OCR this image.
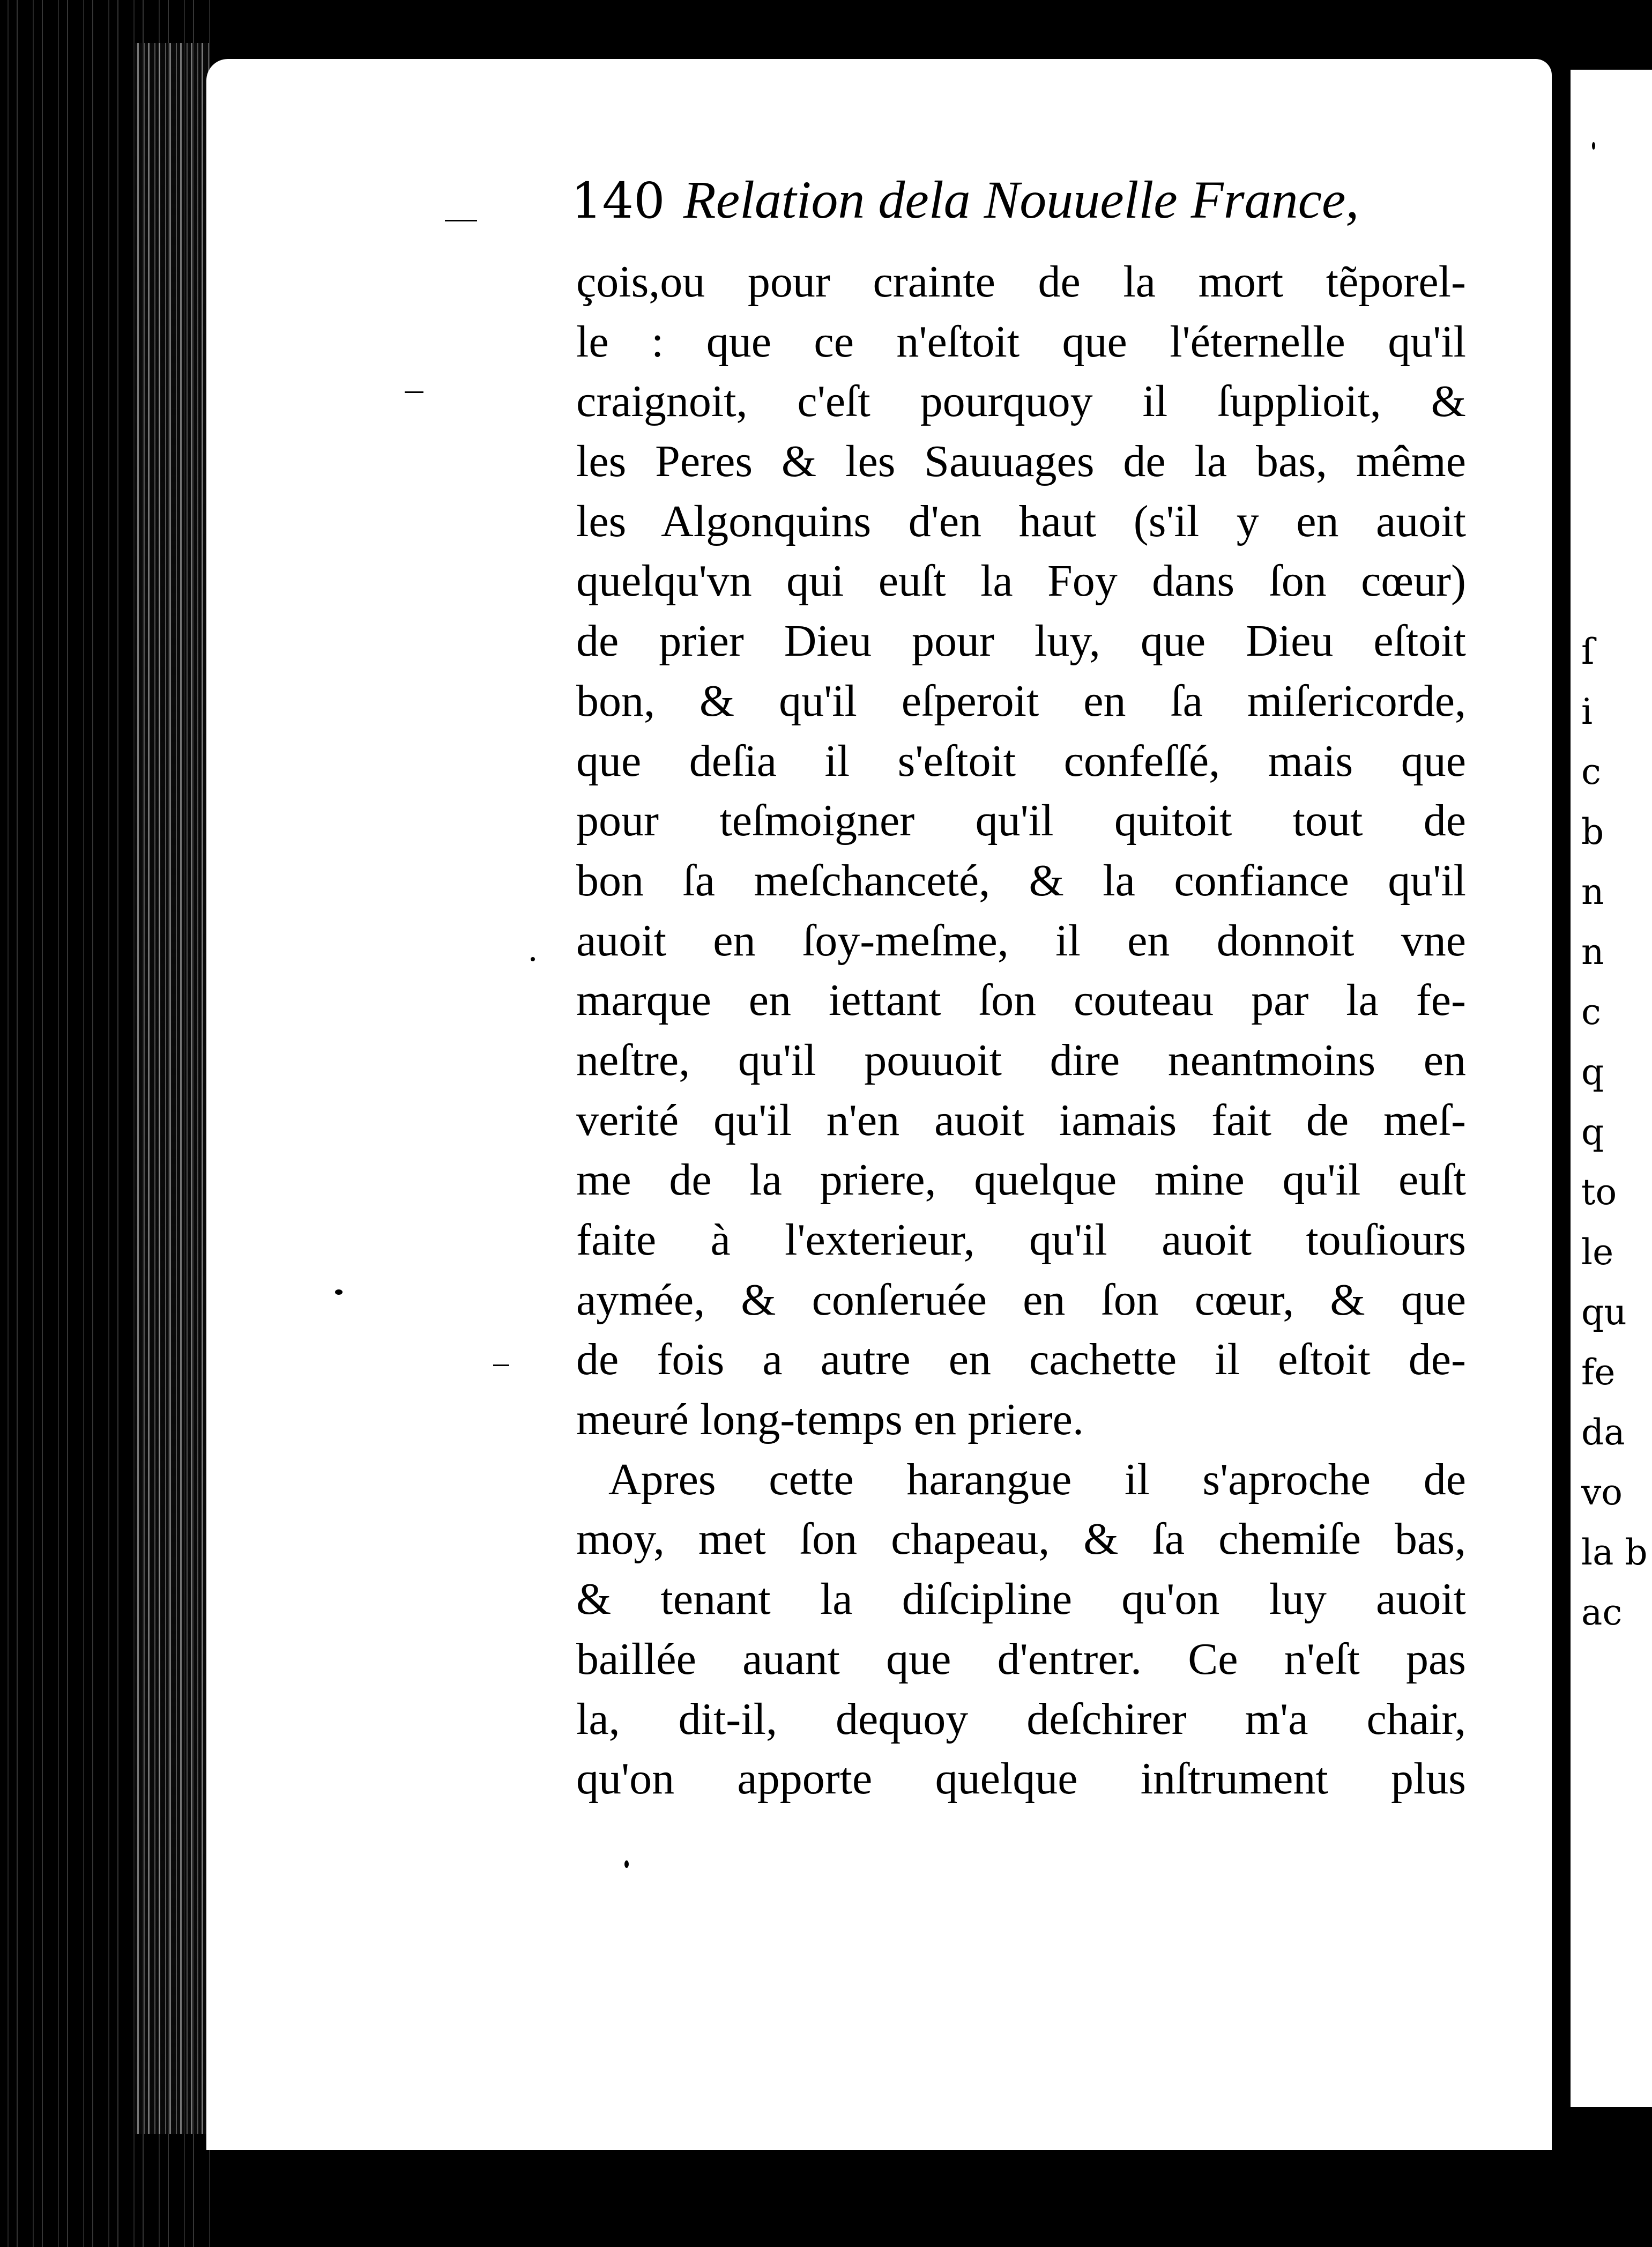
ſ
i
c
b
n
n
c
q
q
to
le
qu
fe
da
vo
la b
ac
140 Relation dela Nouuelle France,
çois,ou pour crainte de la mort tẽporel-
le : que ce n'eſtoit que l'éternelle qu'il
craignoit, c'eſt pourquoy il ſupplioit, &
les Peres & les Sauuages de la bas, même
les Algonquins d'en haut (s'il y en auoit
quelqu'vn qui euſt la Foy dans ſon cœur)
de prier Dieu pour luy, que Dieu eſtoit
bon, & qu'il eſperoit en ſa miſericorde,
que deſia il s'eſtoit confeſſé, mais que
pour teſmoigner qu'il quitoit tout de
bon ſa meſchanceté, & la confiance qu'il
auoit en ſoy-meſme, il en donnoit vne
marque en iettant ſon couteau par la fe-
neſtre, qu'il pouuoit dire neantmoins en
verité qu'il n'en auoit iamais fait de meſ-
me de la priere, quelque mine qu'il euſt
faite à l'exterieur, qu'il auoit touſiours
aymée, & conſeruée en ſon cœur, & que
de fois a autre en cachette il eſtoit de-
meuré long-temps en priere.
Apres cette harangue il s'aproche de
moy, met ſon chapeau, & ſa chemiſe bas,
& tenant la diſcipline qu'on luy auoit
baillée auant que d'entrer. Ce n'eſt pas
la, dit-il, dequoy deſchirer m'a chair,
qu'on apporte quelque inſtrument plus
